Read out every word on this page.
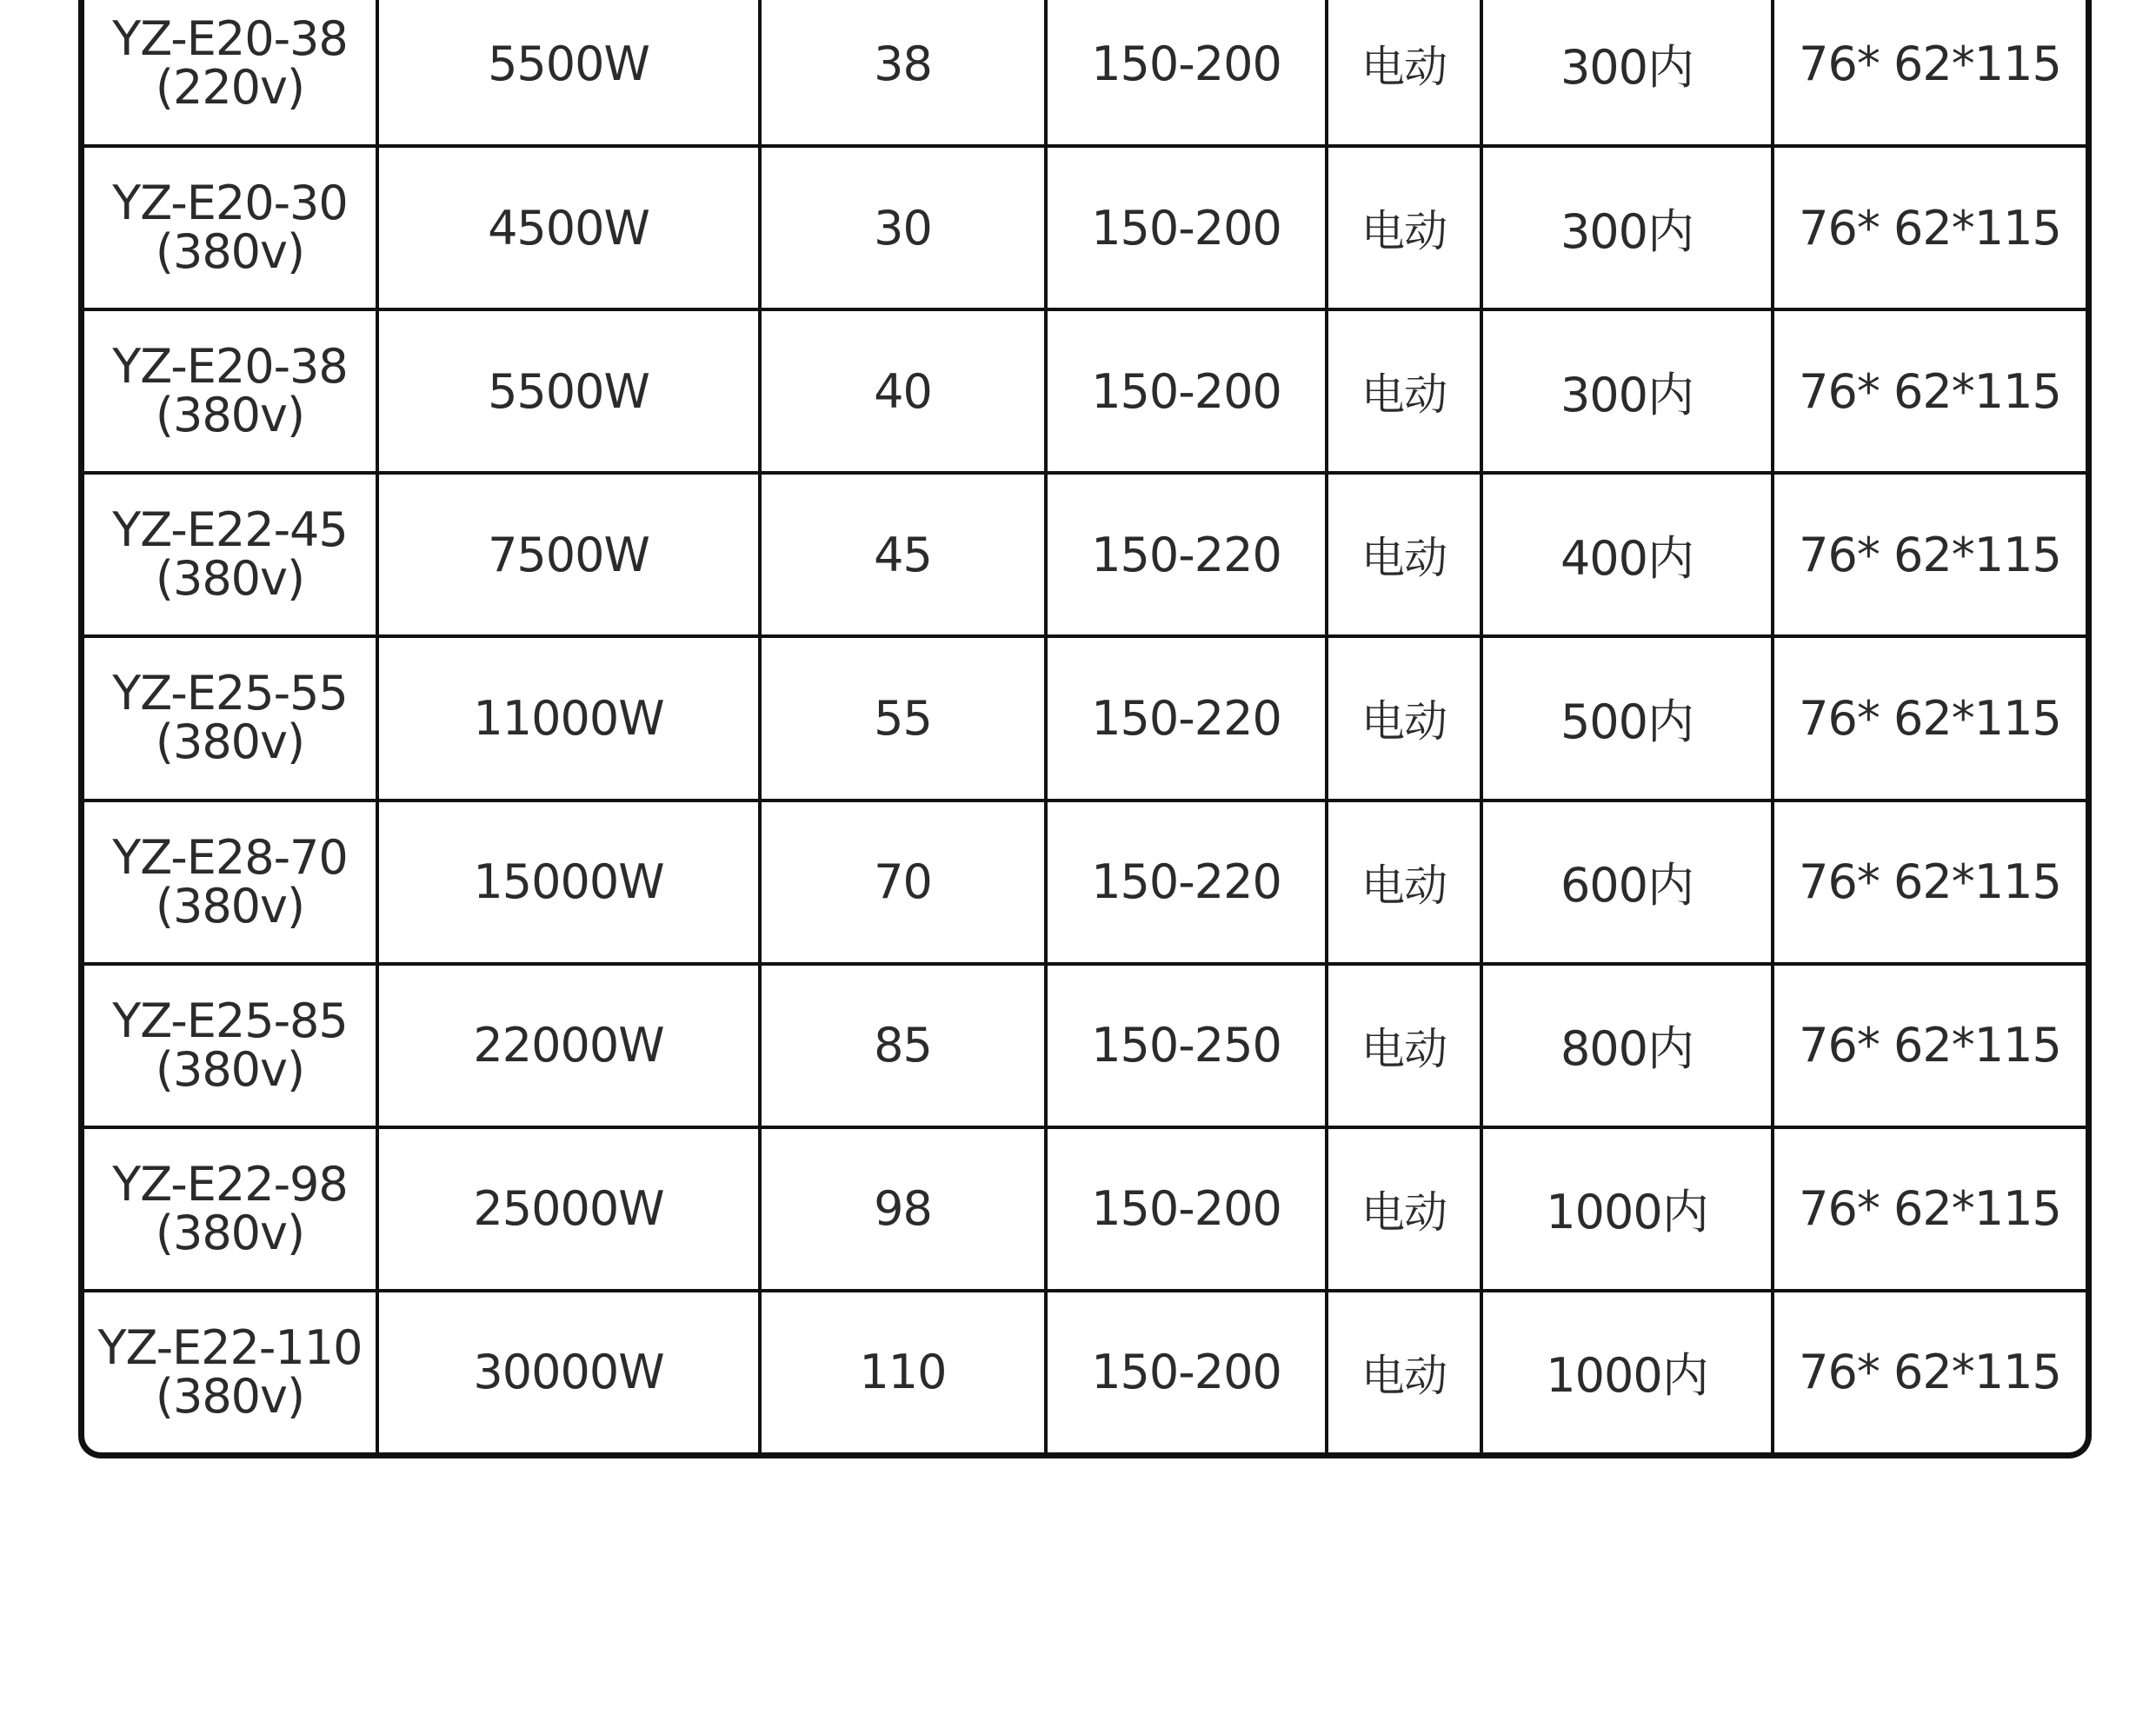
YZ-E20-38
(220v)	5500W	38	150-200	电动	300内	76* 62*115

YZ-E20-30
(380v)	4500W	30	150-200	电动	300内	76* 62*115

YZ-E20-38
(380v)	5500W	40	150-200	电动	300内	76* 62*115

YZ-E22-45
(380v)	7500W	45	150-220	电动	400内	76* 62*115

YZ-E25-55
(380v)	11000W	55	150-220	电动	500内	76* 62*115

YZ-E28-70
(380v)	15000W	70	150-220	电动	600内	76* 62*115

YZ-E25-85
(380v)	22000W	85	150-250	电动	800内	76* 62*115

YZ-E22-98
(380v)	25000W	98	150-200	电动	1000内	76* 62*115

YZ-E22-110
(380v)	30000W	110	150-200	电动	1000内	76* 62*115
